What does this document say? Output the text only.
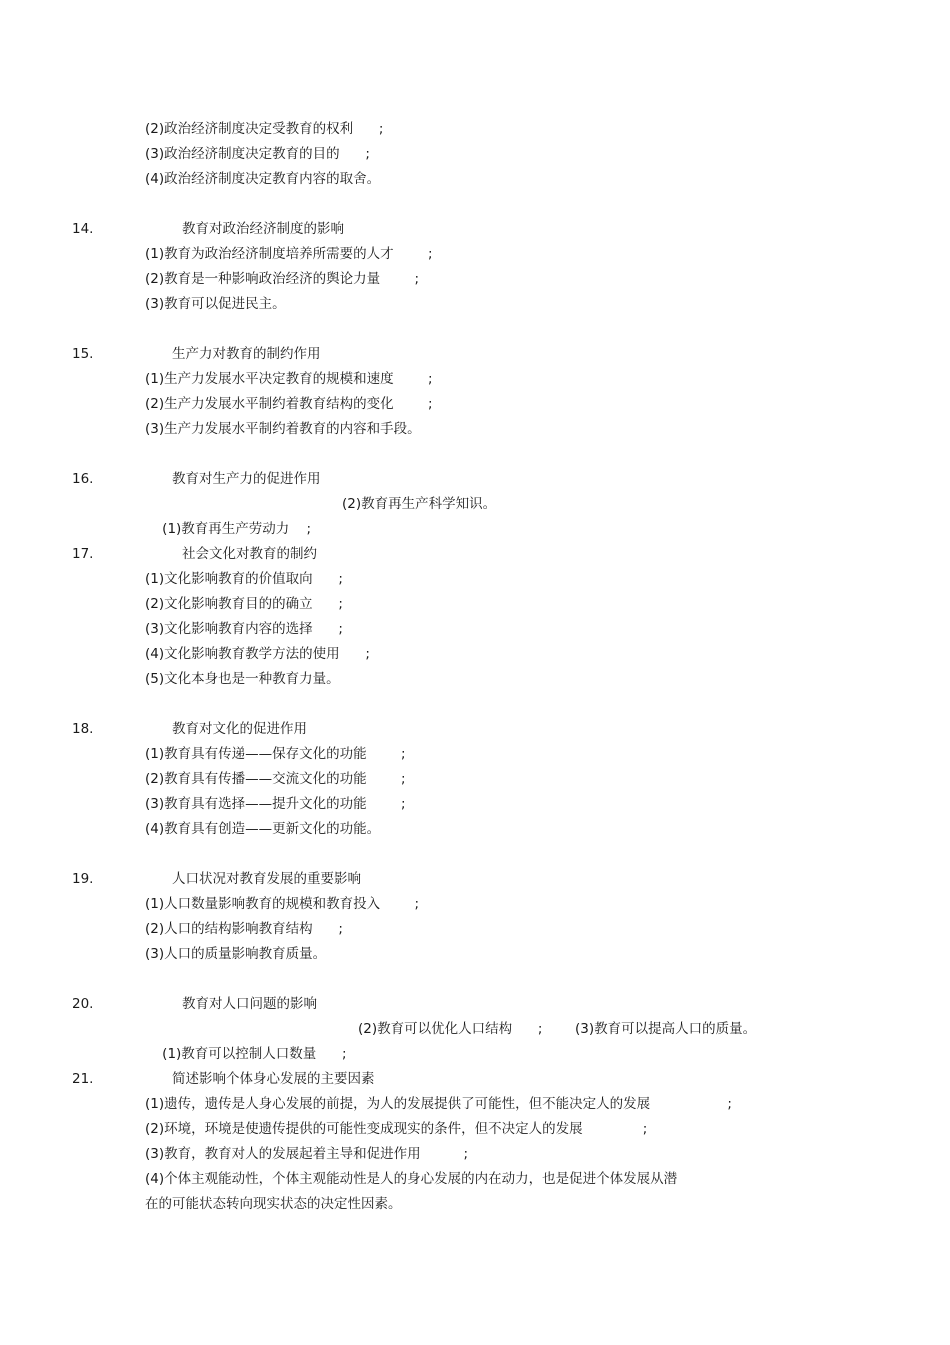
(2)政治经济制度决定受教育的权利      ;
(3)政治经济制度决定教育的目的      ;
(4)政治经济制度决定教育内容的取舍。

14.

	教育对政治经济制度的影响

(1)教育为政治经济制度培养所需要的人才        ;
(2)教育是一种影响政治经济的舆论力量        ;
(3)教育可以促进民主。

15.

	生产力对教育的制约作用

(1)生产力发展水平决定教育的规模和速度        ;
(2)生产力发展水平制约着教育结构的变化        ;
(3)生产力发展水平制约着教育的内容和手段。

16.

	教育对生产力的促进作用

(1)教育再生产劳动力    ;

(2)教育再生产科学知识。

17.

	社会文化对教育的制约

(1)文化影响教育的价值取向      ;
(2)文化影响教育目的的确立      ;
(3)文化影响教育内容的选择      ;
(4)文化影响教育教学方法的使用      ;
(5)文化本身也是一种教育力量。

18.

	教育对文化的促进作用

(1)教育具有传递——保存文化的功能        ;
(2)教育具有传播——交流文化的功能        ;
(3)教育具有选择——提升文化的功能        ;
(4)教育具有创造——更新文化的功能。

19.

	人口状况对教育发展的重要影响

(1)人口数量影响教育的规模和教育投入        ;
(2)人口的结构影响教育结构      ;
(3)人口的质量影响教育质量。

20.

	教育对人口问题的影响

(1)教育可以控制人口数量      ;

(2)教育可以优化人口结构      ;

(3)教育可以提高人口的质量。

21.

	简述影响个体身心发展的主要因素

(1)遗传，遗传是人身心发展的前提，为人的发展提供了可能性，但不能决定人的发展                  ;
(2)环境，环境是使遗传提供的可能性变成现实的条件，但不决定人的发展              ;
(3)教育，教育对人的发展起着主导和促进作用          ;
(4)个体主观能动性，个体主观能动性是人的身心发展的内在动力，也是促进个体发展从潜
在的可能状态转向现实状态的决定性因素。
